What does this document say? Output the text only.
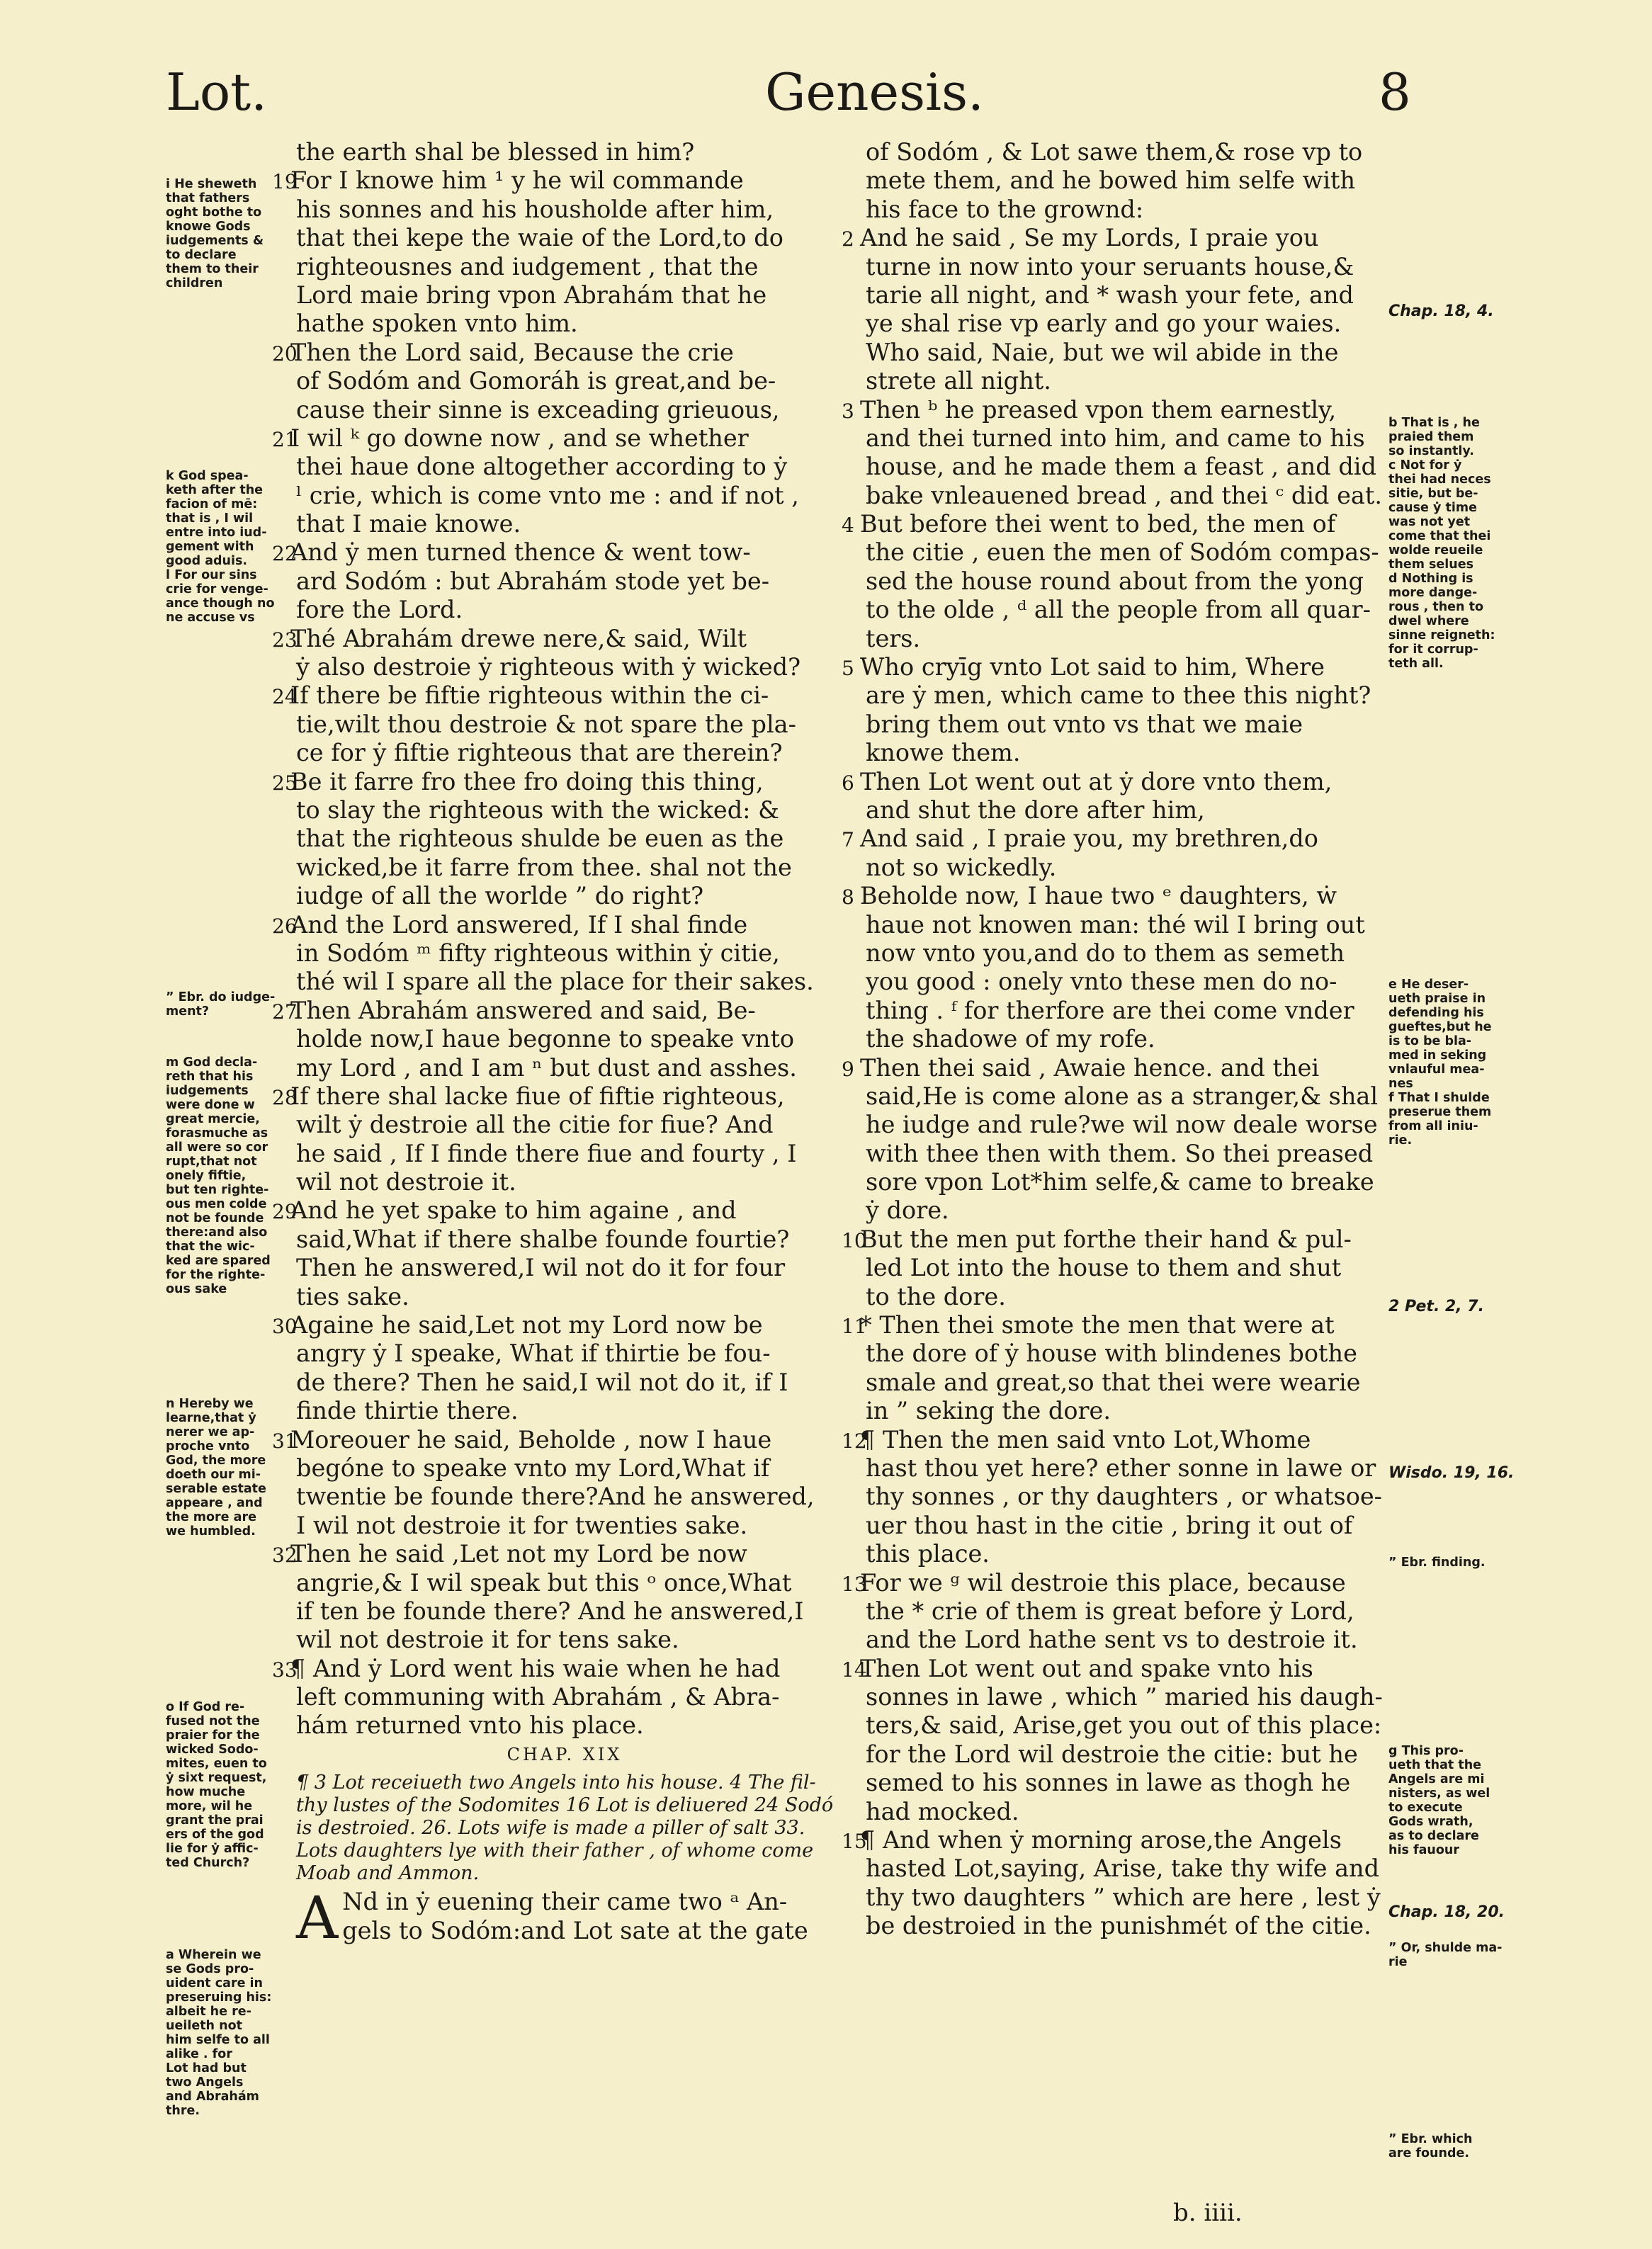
Lot.	Genesis.	8
the earth shal be blessed in him?
19For I knowe him ¹ y he wil commande
his sonnes and his housholde after him,
that thei kepe the waie of the Lord,to do
righteousnes and iudgement , that the
Lord maie bring vpon Abrahám that he
hathe spoken vnto him.
20Then the Lord said, Because the crie
of Sodóm and Gomoráh is great,and be-
cause their sinne is exceading grieuous,
21I wil ᵏ go downe now , and se whether
thei haue done altogether according to ẏ
ˡ crie, which is come vnto me : and if not ,
that I maie knowe.
22And ẏ men turned thence & went tow-
ard Sodóm : but Abrahám stode yet be-
fore the Lord.
23Thé Abrahám drewe nere,& said, Wilt
ẏ also destroie ẏ righteous with ẏ wicked?
24If there be fiftie righteous within the ci-
tie,wilt thou destroie & not spare the pla-
ce for ẏ fiftie righteous that are therein?
25Be it farre fro thee fro doing this thing,
to slay the righteous with the wicked: &
that the righteous shulde be euen as the
wicked,be it farre from thee. shal not the
iudge of all the worlde ” do right?
26And the Lord answered, If I shal finde
in Sodóm ᵐ fifty righteous within ẏ citie,
thé wil I spare all the place for their sakes.
27Then Abrahám answered and said, Be-
holde now,I haue begonne to speake vnto
my Lord , and I am ⁿ but dust and asshes.
28If there shal lacke fiue of fiftie righteous,
wilt ẏ destroie all the citie for fiue? And
he said , If I finde there fiue and fourty , I
wil not destroie it.
29And he yet spake to him againe , and
said,What if there shalbe founde fourtie?
Then he answered,I wil not do it for four
ties sake.
30Againe he said,Let not my Lord now be
angry ẏ I speake, What if thirtie be fou-
de there? Then he said,I wil not do it, if I
finde thirtie there.
31Moreouer he said, Beholde , now I haue
begóne to speake vnto my Lord,What if
twentie be founde there?And he answered,
I wil not destroie it for twenties sake.
32Then he said ,Let not my Lord be now
angrie,& I wil speak but this ᵒ once,What
if ten be founde there? And he answered,I
wil not destroie it for tens sake.
33¶ And ẏ Lord went his waie when he had
left communing with Abrahám , & Abra-
hám returned vnto his place.
CHAP. XIX
¶ 3 Lot receiueth two Angels into his house. 4 The fil-
thy lustes of the Sodomites 16 Lot is deliuered 24 Sodó
is destroied. 26. Lots wife is made a piller of salt 33.
Lots daughters lye with their father , of whome come
Moab and Ammon.
A Nd in ẏ euening their came two ᵃ An-
gels to Sodóm:and Lot sate at the gate
of Sodóm , & Lot sawe them,& rose vp to
mete them, and he bowed him selfe with
his face to the grownd:
2 And he said , Se my Lords, I praie you
turne in now into your seruants house,&
tarie all night, and * wash your fete, and
ye shal rise vp early and go your waies.
Who said, Naie, but we wil abide in the
strete all night.
3 Then ᵇ he preased vpon them earnestly,
and thei turned into him, and came to his
house, and he made them a feast , and did
bake vnleauened bread , and thei ᶜ did eat.
4 But before thei went to bed, the men of
the citie , euen the men of Sodóm compas-
sed the house round about from the yong
to the olde , ᵈ all the people from all quar-
ters.
5 Who cryīg vnto Lot said to him, Where
are ẏ men, which came to thee this night?
bring them out vnto vs that we maie
knowe them.
6 Then Lot went out at ẏ dore vnto them,
and shut the dore after him,
7 And said , I praie you, my brethren,do
not so wickedly.
8 Beholde now, I haue two ᵉ daughters, ẇ
haue not knowen man: thé wil I bring out
now vnto you,and do to them as semeth
you good : onely vnto these men do no-
thing . ᶠ for therfore are thei come vnder
the shadowe of my rofe.
9 Then thei said , Awaie hence. and thei
said,He is come alone as a stranger,& shal
he iudge and rule?we wil now deale worse
with thee then with them. So thei preased
sore vpon Lot*him selfe,& came to breake
ẏ dore.
10But the men put forthe their hand & pul-
led Lot into the house to them and shut
to the dore.
11* Then thei smote the men that were at
the dore of ẏ house with blindenes bothe
smale and great,so that thei were wearie
in ” seking the dore.
12¶ Then the men said vnto Lot,Whome
hast thou yet here? ether sonne in lawe or
thy sonnes , or thy daughters , or whatsoe-
uer thou hast in the citie , bring it out of
this place.
13For we ᵍ wil destroie this place, because
the * crie of them is great before ẏ Lord,
and the Lord hathe sent vs to destroie it.
14Then Lot went out and spake vnto his
sonnes in lawe , which ” maried his daugh-
ters,& said, Arise,get you out of this place:
for the Lord wil destroie the citie: but he
semed to his sonnes in lawe as thogh he
had mocked.
15¶ And when ẏ morning arose,the Angels
hasted Lot,saying, Arise, take thy wife and
thy two daughters ” which are here , lest ẏ
be destroied in the punishmét of the citie.
i He sheweth
that fathers
oght bothe to
knowe Gods
iudgements &
to declare
them to their
children
k God spea-
keth after the
facion of mē:
that is , I wil
entre into iud-
gement with
good aduis.
l For our sins
crie for venge-
ance though no
ne accuse vs
” Ebr. do iudge-
ment?
m God decla-
reth that his
iudgements
were done w
great mercie,
forasmuche as
all were so cor
rupt,that not
onely fiftie,
but ten righte-
ous men colde
not be founde
there:and also
that the wic-
ked are spared
for the righte-
ous sake
n Hereby we
learne,that ẏ
nerer we ap-
proche vnto
God, the more
doeth our mi-
serable estate
appeare , and
the more are
we humbled.
o If God re-
fused not the
praier for the
wicked Sodo-
mites, euen to
ẏ sixt request,
how muche
more, wil he
grant the prai
ers of the god
lie for ẏ affic-
ted Church?
a Wherein we
se Gods pro-
uident care in
preseruing his:
albeit he re-
ueileth not
him selfe to all
alike . for
Lot had but
two Angels
and Abrahám
thre.
Chap. 18, 4.
b That is , he
praied them
so instantly.
c Not for ẏ
thei had neces
sitie, but be-
cause ẏ time
was not yet
come that thei
wolde reueile
them selues
d Nothing is
more dange-
rous , then to
dwel where
sinne reigneth:
for it corrup-
teth all.
e He deser-
ueth praise in
defending his
gueftes,but he
is to be bla-
med in seking
vnlauful mea-
nes
f That I shulde
preserue them
from all iniu-
rie.
2 Pet. 2, 7.
Wisdo. 19, 16.
” Ebr. finding.
g This pro-
ueth that the
Angels are mi
nisters, as wel
to execute
Gods wrath,
as to declare
his fauour
Chap. 18, 20.
” Or, shulde ma-
rie
” Ebr. which
are founde.
b. iiii.
